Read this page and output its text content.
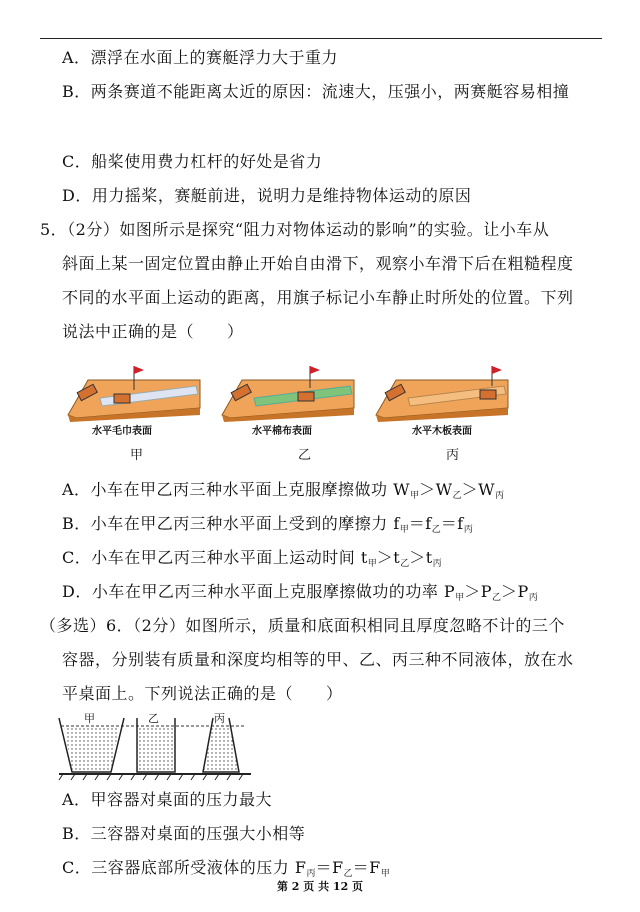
A．漂浮在水面上的赛艇浮力大于重力
B．两条赛道不能距离太近的原因：流速大，压强小，两赛艇容易相撞
C．船桨使用费力杠杆的好处是省力
D．用力摇桨，赛艇前进，说明力是维持物体运动的原因
5．（2分）如图所示是探究“阻力对物体运动的影响”的实验。让小车从
斜面上某一固定位置由静止开始自由滑下，观察小车滑下后在粗糙程度
不同的水平面上运动的距离，用旗子标记小车静止时所处的位置。下列
说法中正确的是（　　）
水平毛巾表面	水平棉布表面	水平木板表面
甲	乙	丙
A．小车在甲乙丙三种水平面上克服摩擦做功 $W_甲>W_乙>W_丙$
B．小车在甲乙丙三种水平面上受到的摩擦力 $f_甲=f_乙=f_丙$
C．小车在甲乙丙三种水平面上运动时间 $t_甲>t_乙>t_丙$
D．小车在甲乙丙三种水平面上克服摩擦做功的功率 $P_甲>P_乙>P_丙$
（多选）6．（2分）如图所示，质量和底面积相同且厚度忽略不计的三个
容器，分别装有质量和深度均相等的甲、乙、丙三种不同液体，放在水
平桌面上。下列说法正确的是（　　）
甲	乙	丙
A．甲容器对桌面的压力最大
B．三容器对桌面的压强大小相等
C．三容器底部所受液体的压力 $F_丙=F_乙=F_甲$
第 2 页 共 12 页
